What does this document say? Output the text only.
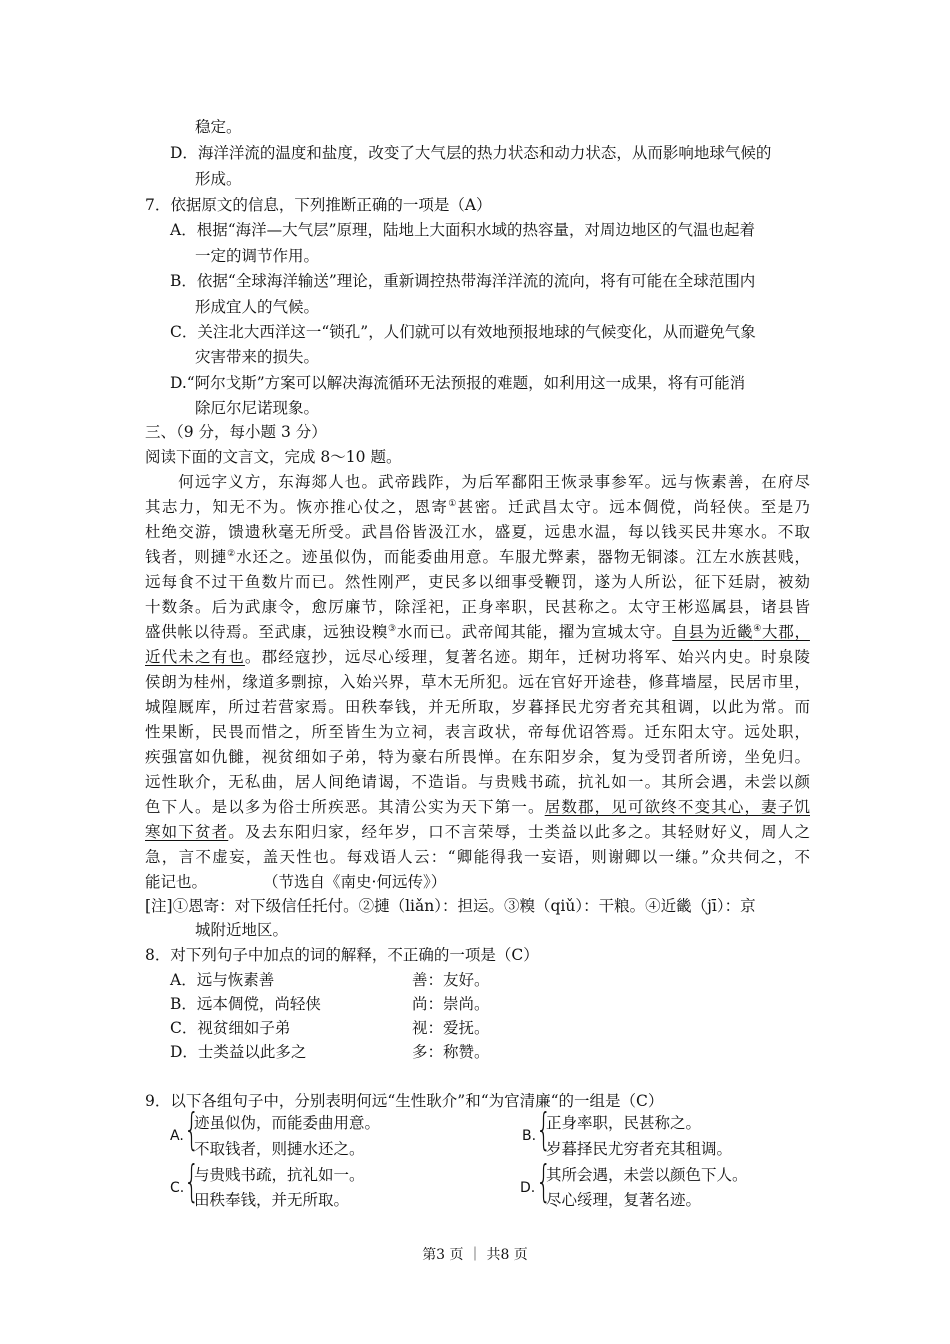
稳定。
D．海洋洋流的温度和盐度，改变了大气层的热力状态和动力状态，从而影响地球气候的
形成。
7．依据原文的信息，下列推断正确的一项是（A）
A．根据“海洋—大气层”原理，陆地上大面积水域的热容量，对周边地区的气温也起着
一定的调节作用。
B．依据“全球海洋输送”理论，重新调控热带海洋洋流的流向，将有可能在全球范围内
形成宜人的气候。
C．关注北大西洋这一“锁孔”，人们就可以有效地预报地球的气候变化，从而避免气象
灾害带来的损失。
D.“阿尔戈斯”方案可以解决海流循环无法预报的难题，如利用这一成果，将有可能消
除厄尔尼诺现象。
三、（9 分，每小题 3 分）
阅读下面的文言文，完成 8～10 题。
　　何远字义方，东海郯人也。武帝践阼，为后军鄱阳王恢录事参军。远与恢素善，在府尽
其志力，知无不为。恢亦推心仗之，恩寄①甚密。迁武昌太守。远本倜傥，尚轻侠。至是乃
杜绝交游，馈遗秋毫无所受。武昌俗皆汲江水，盛夏，远患水温，每以钱买民井寒水。不取
钱者，则摙②水还之。迹虽似伪，而能委曲用意。车服尤弊素，器物无铜漆。江左水族甚贱，
远每食不过干鱼数片而已。然性刚严，吏民多以细事受鞭罚，遂为人所讼，征下廷尉，被劾
十数条。后为武康令，愈厉廉节，除淫祀，正身率职，民甚称之。太守王彬巡属县，诸县皆
盛供帐以待焉。至武康，远独设糗③水而已。武帝闻其能，擢为宣城太守。自县为近畿④大郡，
近代未之有也。郡经寇抄，远尽心绥理，复著名迹。期年，迁树功将军、始兴内史。时泉陵
侯朗为桂州，缘道多剽掠，入始兴界，草木无所犯。远在官好开途巷，修葺墙屋，民居市里，
城隍厩库，所过若营家焉。田秩奉钱，并无所取，岁暮择民尤穷者充其租调，以此为常。而
性果断，民畏而惜之，所至皆生为立祠，表言政状，帝每优诏答焉。迁东阳太守。远处职，
疾强富如仇雠，视贫细如子弟，特为豪右所畏惮。在东阳岁余，复为受罚者所谤，坐免归。
远性耿介，无私曲，居人间绝请谒，不造诣。与贵贱书疏，抗礼如一。其所会遇，未尝以颜
色下人。是以多为俗士所疾恶。其清公实为天下第一。居数郡，见可欲终不变其心，妻子饥
寒如下贫者。及去东阳归家，经年岁，口不言荣辱，士类益以此多之。其轻财好义，周人之
急，言不虚妄，盖天性也。每戏语人云：“卿能得我一妄语，则谢卿以一缣。”众共伺之，不
能记也。	（节选自《南史·何远传》）
[注]①恩寄：对下级信任托付。②摙（liǎn）：担运。③糗（qiǔ）：干粮。④近畿（jī）：京
城附近地区。
8．对下列句子中加点的词的解释，不正确的一项是（C）
A．远与恢素善	善：友好。
B．远本倜傥，尚轻侠	尚：崇尚。
C．视贫细如子弟	视：爱抚。
D．士类益以此多之	多：称赞。
9．以下各组句子中，分别表明何远“生性耿介”和“为官清廉“的一组是（C）
A. {
迹虽似伪，而能委曲用意。
不取钱者，则摙水还之。
B. {
正身率职，民甚称之。
岁暮择民尤穷者充其租调。
C. {
与贵贱书疏，抗礼如一。
田秩奉钱，并无所取。
D. {
其所会遇，未尝以颜色下人。
尽心绥理，复著名迹。
第3 页 ｜ 共8 页
